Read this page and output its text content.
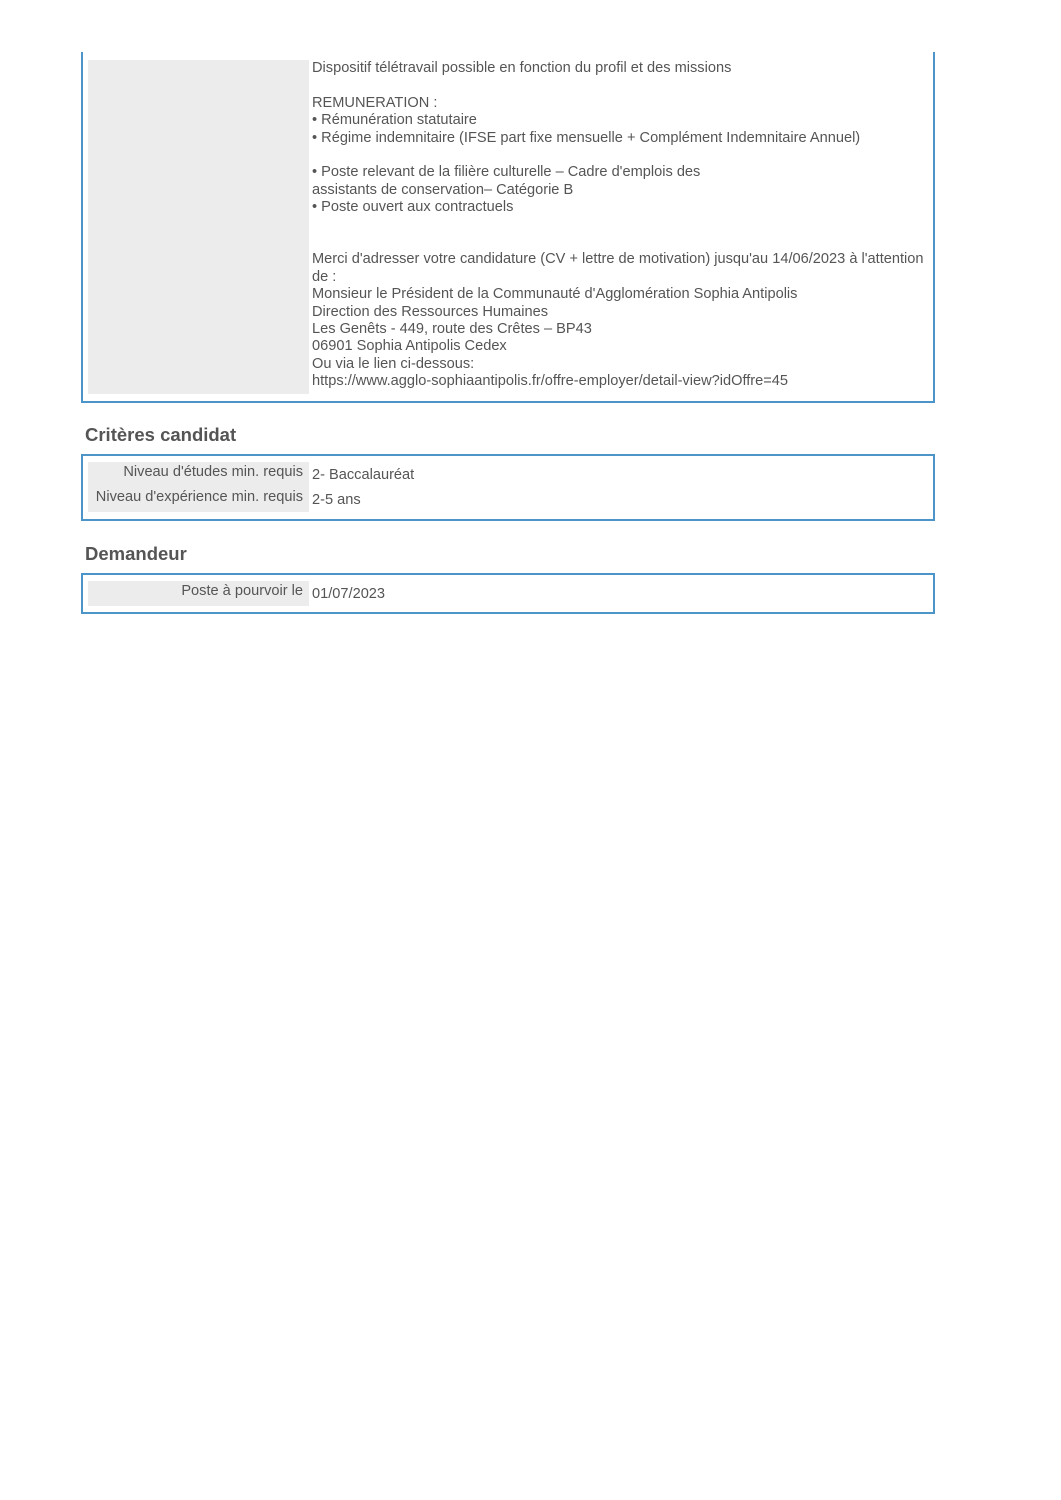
Dispositif télétravail possible en fonction du profil et des missions

REMUNERATION :
• Rémunération statutaire
• Régime indemnitaire (IFSE part fixe mensuelle + Complément Indemnitaire Annuel)

• Poste relevant de la filière culturelle – Cadre d'emplois des
assistants de conservation– Catégorie B
• Poste ouvert aux contractuels

Merci d'adresser votre candidature (CV + lettre de motivation) jusqu'au 14/06/2023 à l'attention de :
Monsieur le Président de la Communauté d'Agglomération Sophia Antipolis
Direction des Ressources Humaines
Les Genêts - 449, route des Crêtes – BP43
06901 Sophia Antipolis Cedex
Ou via le lien ci-dessous:
https://www.agglo-sophiaantipolis.fr/offre-employer/detail-view?idOffre=45

Critères candidat
Niveau d'études min. requis 2- Baccalauréat
Niveau d'expérience min. requis 2-5 ans
Demandeur
Poste à pourvoir le 01/07/2023
